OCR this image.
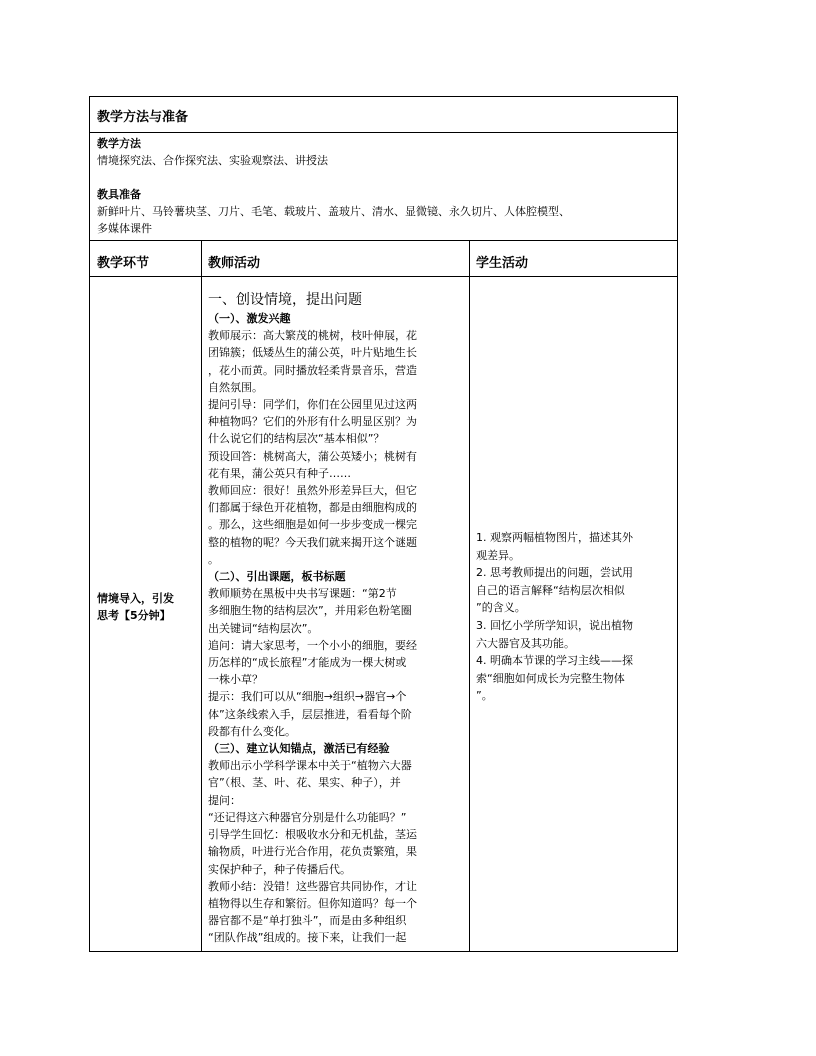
教学方法与准备
教学方法
情境探究法、合作探究法、实验观察法、讲授法
教具准备
新鲜叶片、马铃薯块茎、刀片、毛笔、载玻片、盖玻片、清水、显微镜、永久切片、人体腔模型、
多媒体课件
教学环节	教师活动	学生活动
情境导入，引发
思考【5分钟】
一、创设情境，提出问题
（一）、激发兴趣
教师展示：高大繁茂的桃树，枝叶伸展，花
团锦簇；低矮丛生的蒲公英，叶片贴地生长
，花小而黄。同时播放轻柔背景音乐，营造
自然氛围。
提问引导：同学们，你们在公园里见过这两
种植物吗？它们的外形有什么明显区别？为
什么说它们的结构层次“基本相似”？
预设回答：桃树高大，蒲公英矮小；桃树有
花有果，蒲公英只有种子……
教师回应：很好！虽然外形差异巨大，但它
们都属于绿色开花植物，都是由细胞构成的
。那么，这些细胞是如何一步步变成一棵完
整的植物的呢？今天我们就来揭开这个谜题
。
（二）、引出课题，板书标题
教师顺势在黑板中央书写课题：“第2节
多细胞生物的结构层次”，并用彩色粉笔圈
出关键词“结构层次”。
追问：请大家思考，一个小小的细胞，要经
历怎样的“成长旅程”才能成为一棵大树或
一株小草？
提示：我们可以从“细胞→组织→器官→个
体”这条线索入手，层层推进，看看每个阶
段都有什么变化。
（三）、建立认知锚点，激活已有经验
教师出示小学科学课本中关于“植物六大器
官”（根、茎、叶、花、果实、种子），并
提问：
“还记得这六种器官分别是什么功能吗？”
引导学生回忆：根吸收水分和无机盐，茎运
输物质，叶进行光合作用，花负责繁殖，果
实保护种子，种子传播后代。
教师小结：没错！这些器官共同协作，才让
植物得以生存和繁衍。但你知道吗？每一个
器官都不是“单打独斗”，而是由多种组织
“团队作战”组成的。接下来，让我们一起
1. 观察两幅植物图片，描述其外
观差异。
2. 思考教师提出的问题，尝试用
自己的语言解释“结构层次相似
”的含义。
3. 回忆小学所学知识，说出植物
六大器官及其功能。
4. 明确本节课的学习主线——探
索“细胞如何成长为完整生物体
”。
